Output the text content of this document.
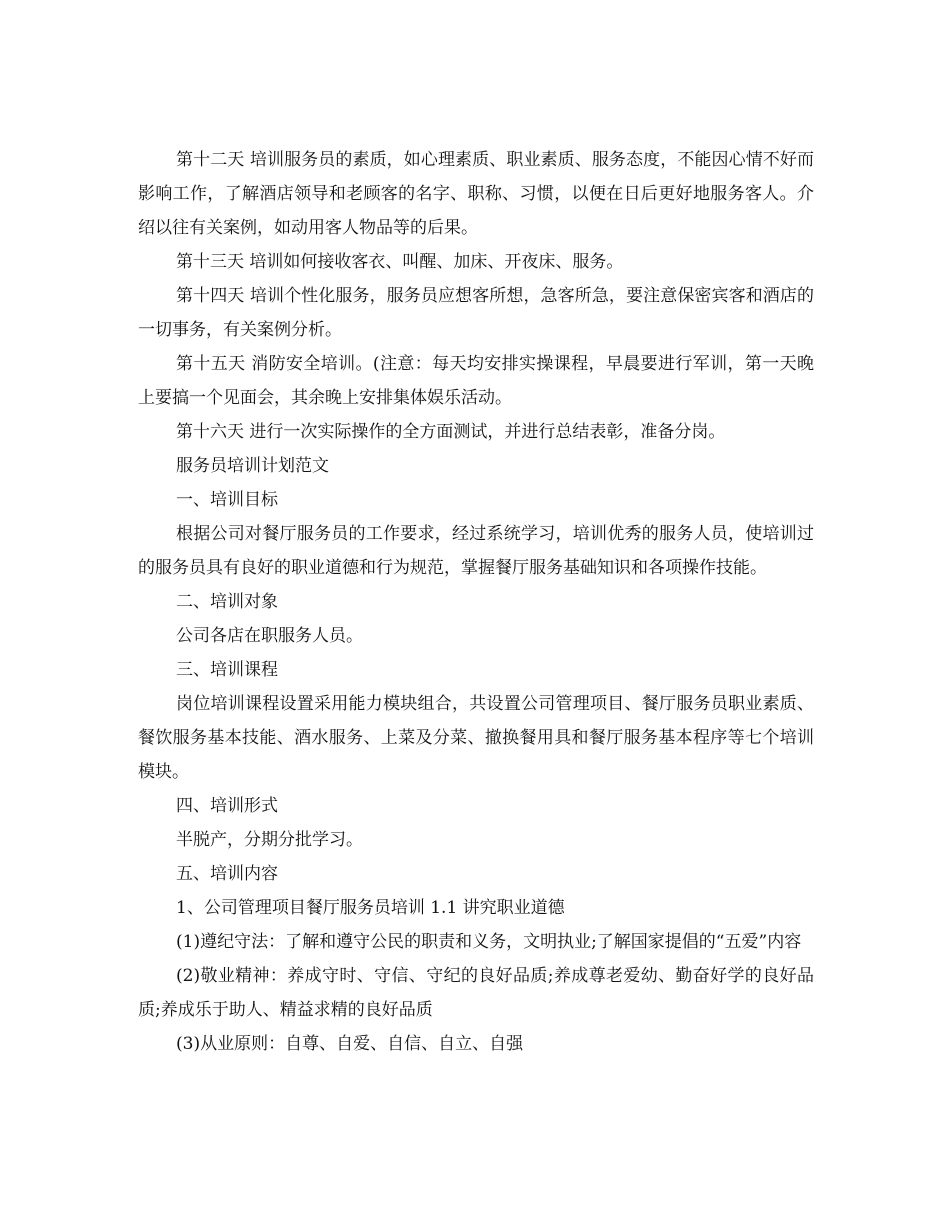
第十二天 培训服务员的素质，如心理素质、职业素质、服务态度，不能因心情不好而影响工作，了解酒店领导和老顾客的名字、职称、习惯，以便在日后更好地服务客人。介绍以往有关案例，如动用客人物品等的后果。

第十三天 培训如何接收客衣、叫醒、加床、开夜床、服务。

第十四天 培训个性化服务，服务员应想客所想，急客所急，要注意保密宾客和酒店的一切事务，有关案例分析。

第十五天 消防安全培训。(注意：每天均安排实操课程，早晨要进行军训，第一天晚上要搞一个见面会，其余晚上安排集体娱乐活动。

第十六天 进行一次实际操作的全方面测试，并进行总结表彰，准备分岗。

服务员培训计划范文

一、培训目标

根据公司对餐厅服务员的工作要求，经过系统学习，培训优秀的服务人员，使培训过的服务员具有良好的职业道德和行为规范，掌握餐厅服务基础知识和各项操作技能。

二、培训对象

公司各店在职服务人员。

三、培训课程

岗位培训课程设置采用能力模块组合，共设置公司管理项目、餐厅服务员职业素质、餐饮服务基本技能、酒水服务、上菜及分菜、撤换餐用具和餐厅服务基本程序等七个培训模块。

四、培训形式

半脱产，分期分批学习。

五、培训内容

1、公司管理项目餐厅服务员培训 1.1 讲究职业道德

(1)遵纪守法：了解和遵守公民的职责和义务，文明执业;了解国家提倡的“五爱”内容

(2)敬业精神：养成守时、守信、守纪的良好品质;养成尊老爱幼、勤奋好学的良好品质;养成乐于助人、精益求精的良好品质

(3)从业原则：自尊、自爱、自信、自立、自强
